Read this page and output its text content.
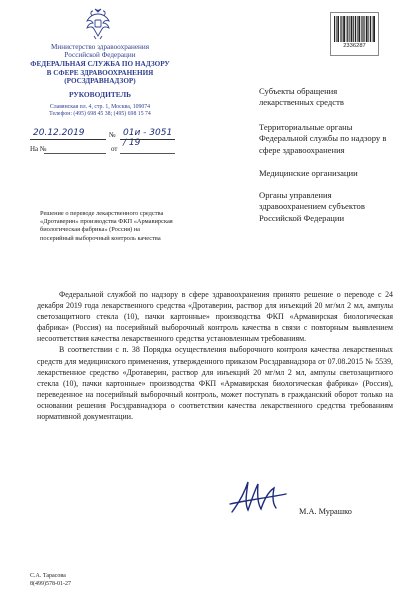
Министерство здравоохранения
Российской Федерации
ФЕДЕРАЛЬНАЯ СЛУЖБА ПО НАДЗОРУ
В СФЕРЕ ЗДРАВООХРАНЕНИЯ
(РОСЗДРАВНАДЗОР)
РУКОВОДИТЕЛЬ
Славянская пл. 4, стр. 1, Москва, 109074
Телефон: (495) 698 45 38; (495) 698 15 74
20.12.2019	№ 01и - 3051 / 19
На №	от
Решение о переводе лекарственного средства «Дротаверин» производства ФКП «Армавирская биологическая фабрика» (Россия) на посерийный выборочный контроль качества
2336287
Субъекты обращения
лекарственных средств
Территориальные органы
Федеральной службы по надзору в
сфере здравоохранения
Медицинские организации
Органы управления
здравоохранением субъектов
Российской Федерации

Федеральной службой по надзору в сфере здравоохранения принято решение о переводе с 24 декабря 2019 года лекарственного средства «Дротаверин, раствор для инъекций 20 мг/мл 2 мл, ампулы светозащитного стекла (10), пачки картонные» производства ФКП «Армавирская биологическая фабрика» (Россия) на посерийный выборочный контроль качества в связи с повторным выявлением несоответствия качества лекарственного средства установленным требованиям.

В соответствии с п. 38 Порядка осуществления выборочного контроля качества лекарственных средств для медицинского применения, утвержденного приказом Росздравнадзора от 07.08.2015 № 5539, лекарственное средство «Дротаверин, раствор для инъекций 20 мг/мл 2 мл, ампулы светозащитного стекла (10), пачки картонные» производства ФКП «Армавирская биологическая фабрика» (Россия), переведенное на посерийный выборочный контроль, может поступать в гражданский оборот только на основании решения Росздравнадзора о соответствии качества лекарственного средства требованиям нормативной документации.

М.А. Мурашко
С.А. Тарасова
8(499)578-01-27
